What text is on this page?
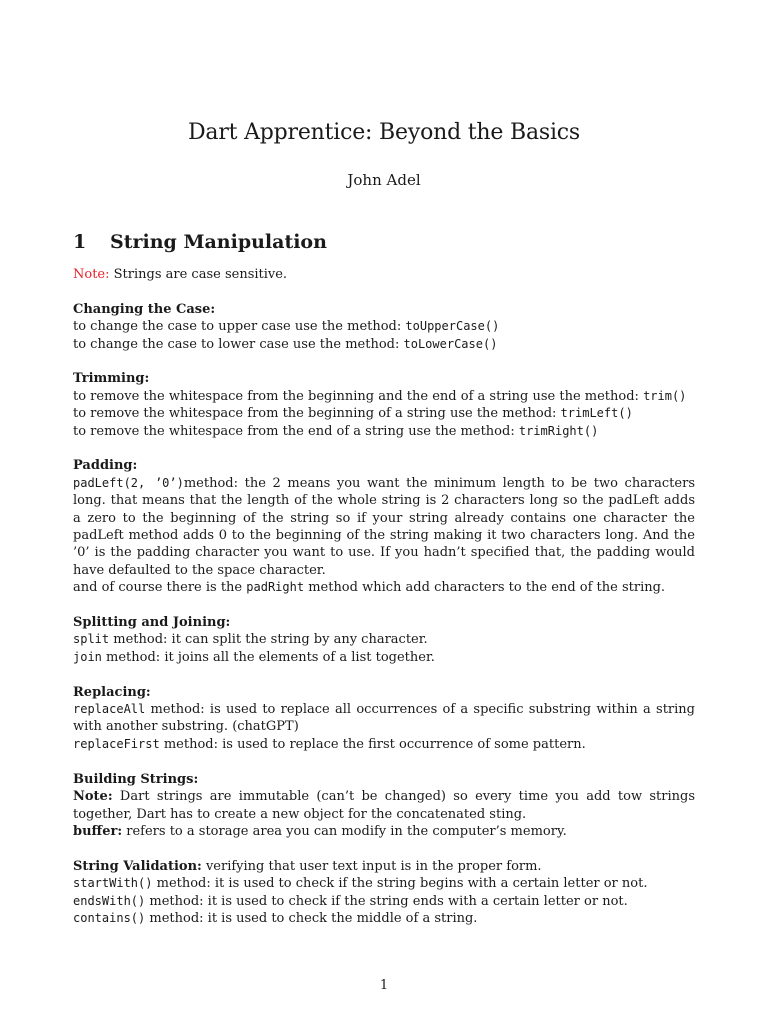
Dart Apprentice: Beyond the Basics
John Adel
1 String Manipulation
Note: Strings are case sensitive.
Changing the Case:
to change the case to upper case use the method: toUpperCase()
to change the case to lower case use the method: toLowerCase()
Trimming:
to remove the whitespace from the beginning and the end of a string use the method: trim()
to remove the whitespace from the beginning of a string use the method: trimLeft()
to remove the whitespace from the end of a string use the method: trimRight()
Padding:
padLeft(2, ’0’)method: the 2 means you want the minimum length to be two characters long. that means that the length of the whole string is 2 characters long so the padLeft adds a zero to the beginning of the string so if your string already contains one character the padLeft method adds 0 to the beginning of the string making it two characters long. And the ’0’ is the padding character you want to use. If you hadn’t specified that, the padding would have defaulted to the space character.
and of course there is the padRight method which add characters to the end of the string.
Splitting and Joining:
split method: it can split the string by any character.
join method: it joins all the elements of a list together.
Replacing:
replaceAll method: is used to replace all occurrences of a specific substring within a string with another substring. (chatGPT)
replaceFirst method: is used to replace the first occurrence of some pattern.
Building Strings:
Note: Dart strings are immutable (can’t be changed) so every time you add tow strings together, Dart has to create a new object for the concatenated sting.
buffer: refers to a storage area you can modify in the computer’s memory.
String Validation: verifying that user text input is in the proper form.
startWith() method: it is used to check if the string begins with a certain letter or not.
endsWith() method: it is used to check if the string ends with a certain letter or not.
contains() method: it is used to check the middle of a string.
1
